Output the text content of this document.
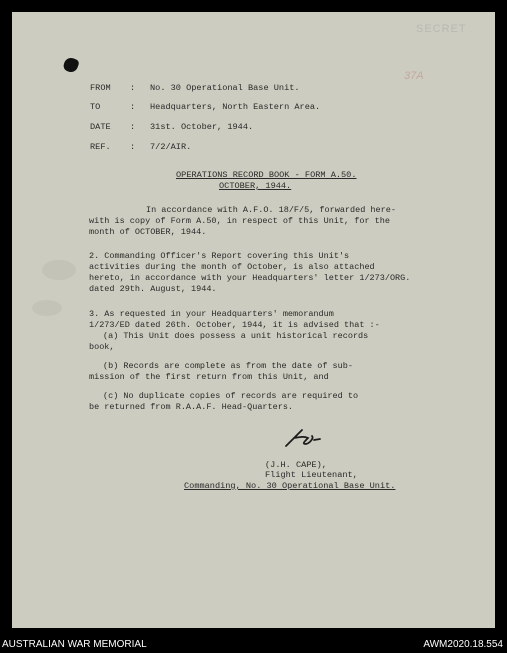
SECRET
37A
FROM : No. 30 Operational Base Unit.
TO	: Headquarters, North Eastern Area.
DATE : 31st. October, 1944.
REF. : 7/2/AIR.
OPERATIONS RECORD BOOK - FORM A.50.
OCTOBER, 1944.
In accordance with A.F.O. 18/F/5, forwarded here-
with is copy of Form A.50, in respect of this Unit, for the
month of OCTOBER, 1944.
2. Commanding Officer's Report covering this Unit's
activities during the month of October, is also attached
hereto, in accordance with your Headquarters' letter 1/273/ORG.
dated 29th. August, 1944.
3. As requested in your Headquarters' memorandum
1/273/ED dated 26th. October, 1944, it is advised that :-
(a) This Unit does possess a unit historical records
book,
(b) Records are complete as from the date of sub-
mission of the first return from this Unit, and
(c) No duplicate copies of records are required to
be returned from R.A.A.F. Head-Quarters.
(J.H. CAPE),
Flight Lieutenant,
Commanding, No. 30 Operational Base Unit.
AUSTRALIAN WAR MEMORIAL	AWM2020.18.554
